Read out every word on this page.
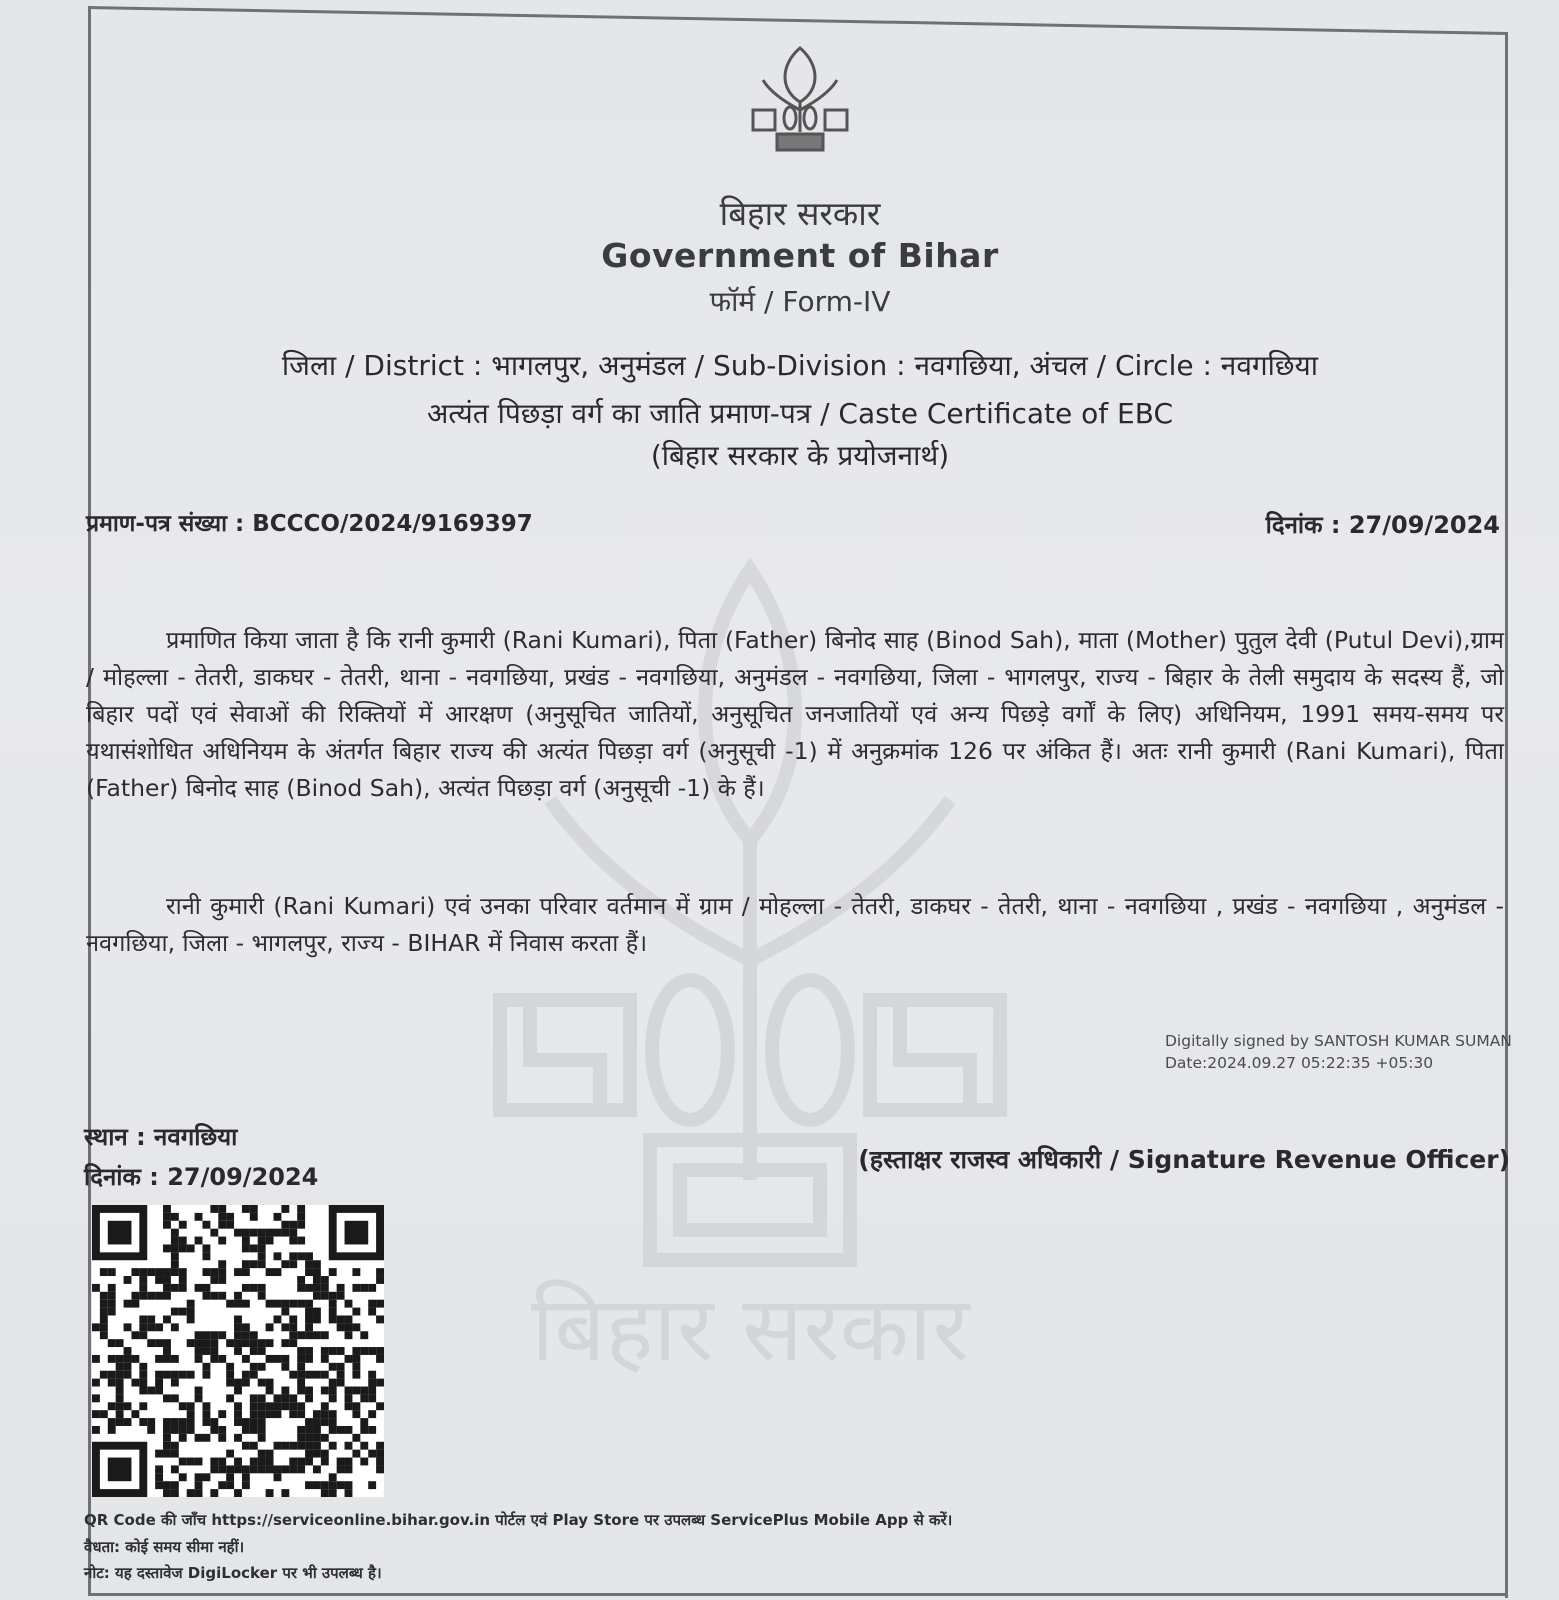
बिहार सरकार
बिहार सरकार
Government of Bihar
फॉर्म / Form-IV
जिला / District : भागलपुर, अनुमंडल / Sub-Division : नवगछिया, अंचल / Circle : नवगछिया
अत्यंत पिछड़ा वर्ग का जाति प्रमाण-पत्र / Caste Certificate of EBC
(बिहार सरकार के प्रयोजनार्थ)
प्रमाण-पत्र संख्या : BCCCO/2024/9169397	दिनांक : 27/09/2024
प्रमाणित किया जाता है कि रानी कुमारी (Rani Kumari), पिता (Father) बिनोद साह (Binod Sah), माता (Mother) पुतुल देवी (Putul Devi),ग्राम / मोहल्ला - तेतरी, डाकघर - तेतरी, थाना - नवगछिया, प्रखंड - नवगछिया, अनुमंडल - नवगछिया, जिला - भागलपुर, राज्य - बिहार के तेली समुदाय के सदस्य हैं, जो बिहार पदों एवं सेवाओं की रिक्तियों में आरक्षण (अनुसूचित जातियों, अनुसूचित जनजातियों एवं अन्य पिछड़े वर्गों के लिए) अधिनियम, 1991 समय-समय पर यथासंशोधित अधिनियम के अंतर्गत बिहार राज्य की अत्यंत पिछड़ा वर्ग (अनुसूची -1) में अनुक्रमांक 126 पर अंकित हैं। अतः रानी कुमारी (Rani Kumari), पिता (Father) बिनोद साह (Binod Sah), अत्यंत पिछड़ा वर्ग (अनुसूची -1) के हैं।
रानी कुमारी (Rani Kumari) एवं उनका परिवार वर्तमान में ग्राम / मोहल्ला - तेतरी, डाकघर - तेतरी, थाना - नवगछिया , प्रखंड - नवगछिया , अनुमंडल - नवगछिया, जिला - भागलपुर, राज्य - BIHAR में निवास करता हैं।
Digitally signed by SANTOSH KUMAR SUMAN
Date:2024.09.27 05:22:35 +05:30
स्थान : नवगछिया
दिनांक : 27/09/2024
(हस्ताक्षर राजस्व अधिकारी / Signature Revenue Officer)
QR Code की जाँच https://serviceonline.bihar.gov.in पोर्टल एवं Play Store पर उपलब्ध ServicePlus Mobile App से करें।
वैधता: कोई समय सीमा नहीं।
नोट: यह दस्तावेज DigiLocker पर भी उपलब्ध है।
